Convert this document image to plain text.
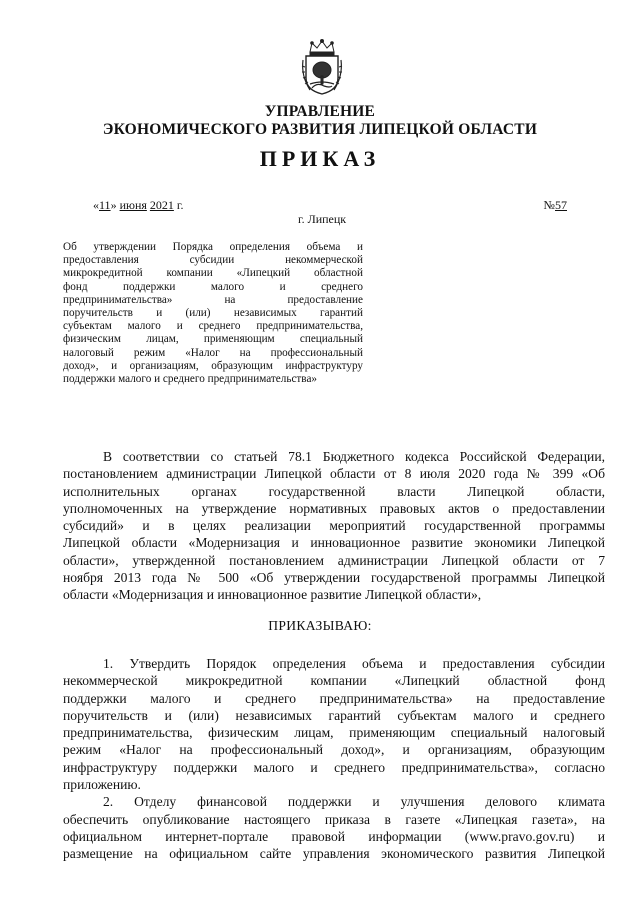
УПРАВЛЕНИЕ
ЭКОНОМИЧЕСКОГО РАЗВИТИЯ ЛИПЕЦКОЙ ОБЛАСТИ
ПРИКАЗ
«11» июня 2021 г.	№57
г. Липецк
Об утверждении Порядка определения объема и
предоставления субсидии некоммерческой
микрокредитной компании «Липецкий областной
фонд поддержки малого и среднего
предпринимательства» на предоставление
поручительств и (или) независимых гарантий
субъектам малого и среднего предпринимательства,
физическим лицам, применяющим специальный
налоговый режим «Налог на профессиональный
доход», и организациям, образующим инфраструктуру
поддержки малого и среднего предпринимательства»
В соответствии со статьей 78.1 Бюджетного кодекса Российской Федерации,
постановлением администрации Липецкой области от 8 июля 2020 года № 399 «Об
исполнительных органах государственной власти Липецкой области,
уполномоченных на утверждение нормативных правовых актов о предоставлении
субсидий» и в целях реализации мероприятий государственной программы
Липецкой области «Модернизация и инновационное развитие экономики Липецкой
области», утвержденной постановлением администрации Липецкой области от 7
ноября 2013 года № 500 «Об утверждении государственой программы Липецкой
области «Модернизация и инновационное развитие Липецкой области»,
ПРИКАЗЫВАЮ:
1. Утвердить Порядок определения объема и предоставления субсидии
некоммерческой микрокредитной компании «Липецкий областной фонд
поддержки малого и среднего предпринимательства» на предоставление
поручительств и (или) независимых гарантий субъектам малого и среднего
предпринимательства, физическим лицам, применяющим специальный налоговый
режим «Налог на профессиональный доход», и организациям, образующим
инфраструктуру поддержки малого и среднего предпринимательства», согласно
приложению.
2. Отделу финансовой поддержки и улучшения делового климата
обеспечить опубликование настоящего приказа в газете «Липецкая газета», на
официальном интернет-портале правовой информации (www.pravo.gov.ru) и
размещение на официальном сайте управления экономического развития Липецкой
